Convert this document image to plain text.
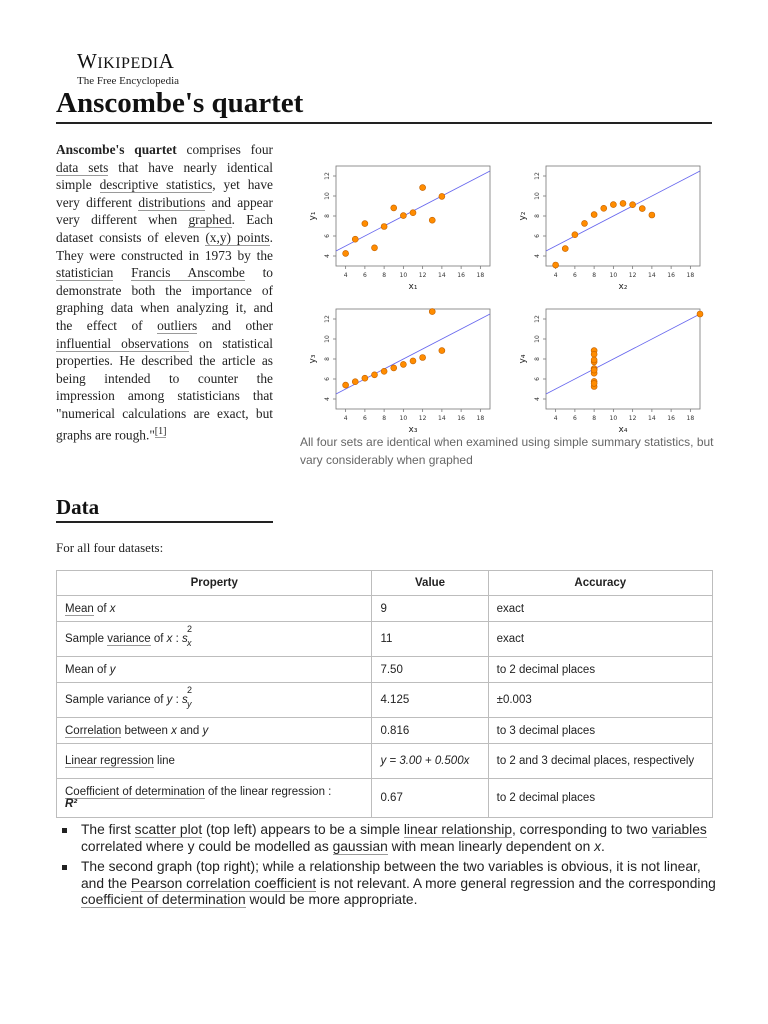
WIKIPEDIA
The Free Encyclopedia
Anscombe's quartet
Anscombe's quartet comprises four data sets that have nearly identical simple descriptive statistics, yet have very different distributions and appear very different when graphed. Each dataset consists of eleven (x,y) points. They were constructed in 1973 by the statistician Francis Anscombe to demonstrate both the importance of graphing data when analyzing it, and the effect of outliers and other influential observations on statistical properties. He described the article as being intended to counter the impression among statisticians that "numerical calculations are exact, but graphs are rough."[1]
4	6	8 10 12 14 16 18
4
6
8
10
12
x₁
y₁
4	6	8 10 12 14 16 18
4
6
8
10
12
x₂
y₂
4	6	8 10 12 14 16 18
4
6
8
10
12
x₃
y₃
4	6	8 10 12 14 16 18
4
6
8
10
12
x₄
y₄
All four sets are identical when examined using simple summary statistics, but vary considerably when graphed
Data
For all four datasets:
Property	Value	Accuracy
Mean of x	9	exact
Sample variance of x : s
2
x	11	exact
Mean of y	7.50	to 2 decimal places
Sample variance of y : s
2
y	4.125	±0.003
Correlation between x and y	0.816	to 3 decimal places
Linear regression line	y = 3.00 + 0.500x	to 2 and 3 decimal places, respectively
Coefficient of determination of the linear regression :
R²	0.67	to 2 decimal places
The first scatter plot (top left) appears to be a simple linear relationship, corresponding to two variables correlated where y could be modelled as gaussian with mean linearly dependent on x.
The second graph (top right); while a relationship between the two variables is obvious, it is not linear, and the Pearson correlation coefficient is not relevant. A more general regression and the corresponding coefficient of determination would be more appropriate.
